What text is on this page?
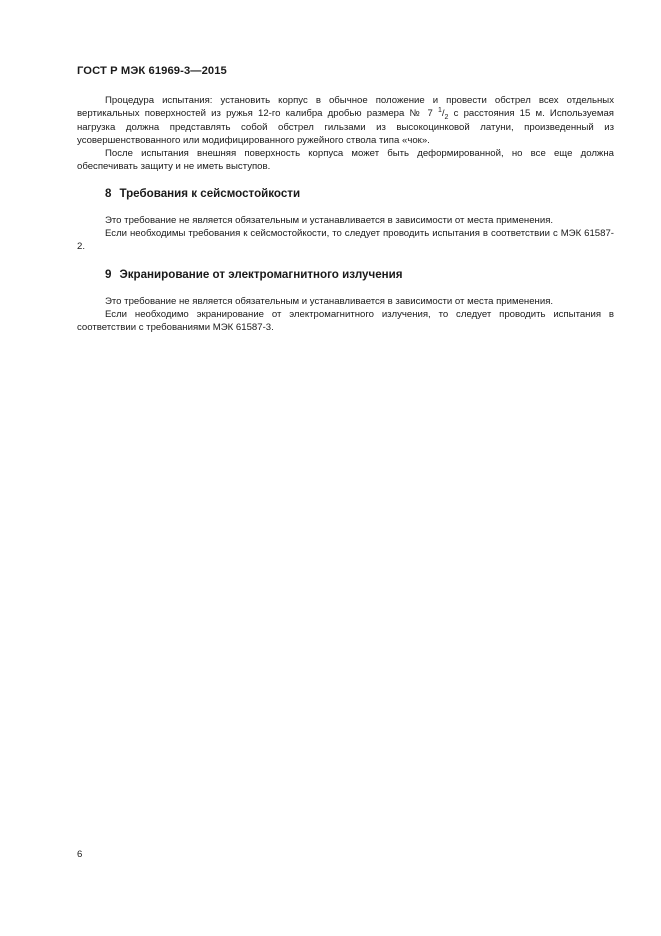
ГОСТ Р МЭК 61969-3—2015

Процедура испытания: установить корпус в обычное положение и провести обстрел всех отдельных вертикальных поверхностей из ружья 12-го калибра дробью размера № 7 $^1/_2$ с расстояния 15 м. Используемая нагрузка должна представлять собой обстрел гильзами из высокоцинковой латуни, произведенный из усовершенствованного или модифицированного ружейного ствола типа «чок».

После испытания внешняя поверхность корпуса может быть деформированной, но все еще должна обеспечивать защиту и не иметь выступов.

8 Требования к сейсмостойкости

Это требование не является обязательным и устанавливается в зависимости от места применения.

Если необходимы требования к сейсмостойкости, то следует проводить испытания в соответствии с МЭК 61587-2.

9 Экранирование от электромагнитного излучения

Это требование не является обязательным и устанавливается в зависимости от места применения.

Если необходимо экранирование от электромагнитного излучения, то следует проводить испытания в соответствии с требованиями МЭК 61587-3.

6
